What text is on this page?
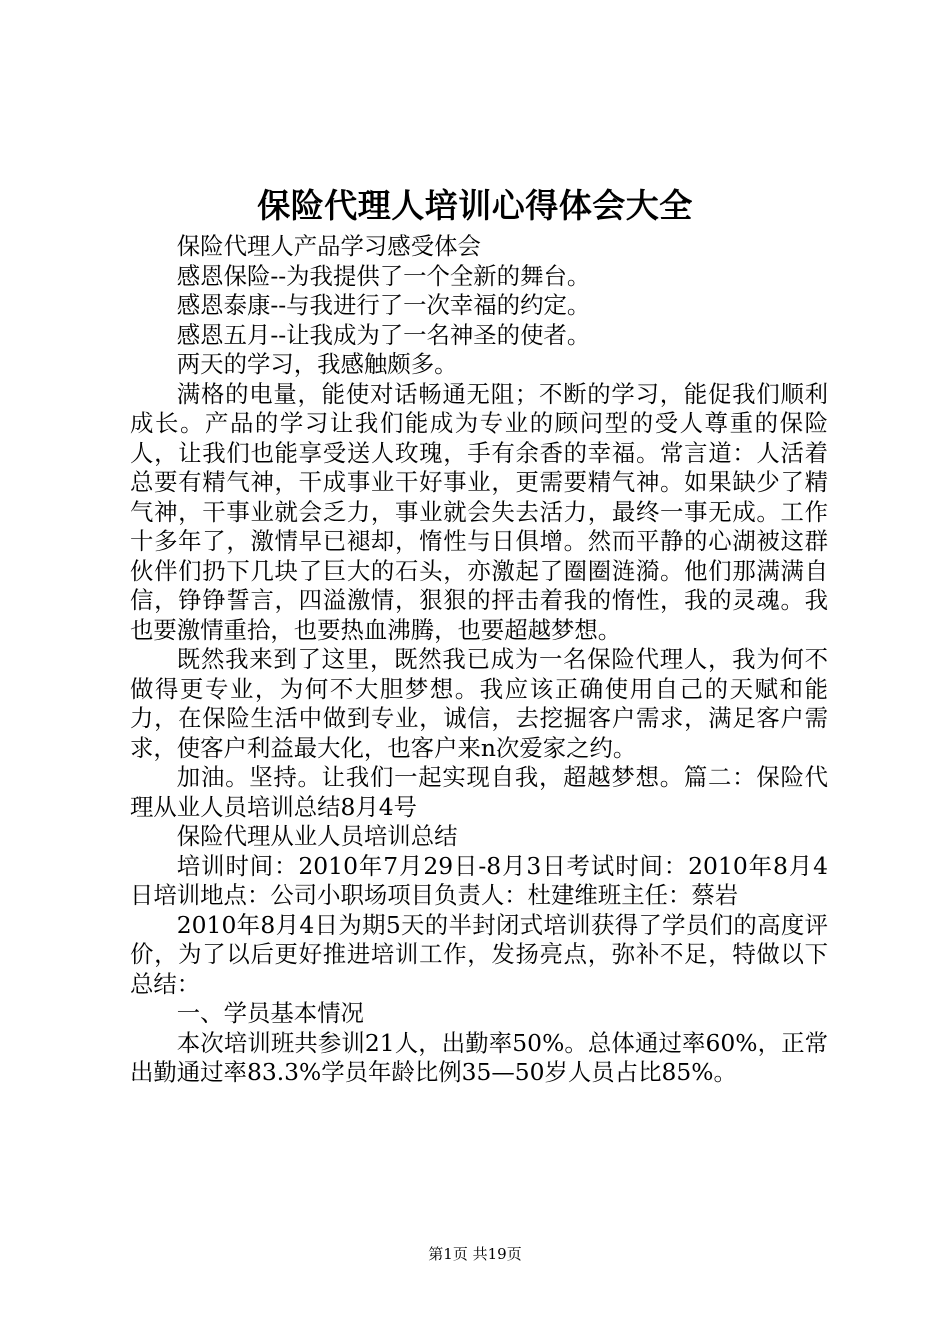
保险代理人培训心得体会大全

保险代理人产品学习感受体会

感恩保险--为我提供了一个全新的舞台。

感恩泰康--与我进行了一次幸福的约定。

感恩五月--让我成为了一名神圣的使者。

两天的学习，我感触颇多。

满格的电量，能使对话畅通无阻；不断的学习，能促我们顺利成长。产品的学习让我们能成为专业的顾问型的受人尊重的保险人，让我们也能享受送人玫瑰，手有余香的幸福。常言道：人活着总要有精气神，干成事业干好事业，更需要精气神。如果缺少了精气神，干事业就会乏力，事业就会失去活力，最终一事无成。工作十多年了，激情早已褪却，惰性与日俱增。然而平静的心湖被这群伙伴们扔下几块了巨大的石头，亦激起了圈圈涟漪。他们那满满自信，铮铮誓言，四溢激情，狠狠的抨击着我的惰性，我的灵魂。我也要激情重拾，也要热血沸腾，也要超越梦想。

既然我来到了这里，既然我已成为一名保险代理人，我为何不做得更专业，为何不大胆梦想。我应该正确使用自己的天赋和能力，在保险生活中做到专业，诚信，去挖掘客户需求，满足客户需求，使客户利益最大化，也客户来n次爱家之约。

加油。坚持。让我们一起实现自我，超越梦想。篇二：保险代理从业人员培训总结8月4号

保险代理从业人员培训总结

培训时间：2010年7月29日-8月3日考试时间：2010年8月4日培训地点：公司小职场项目负责人：杜建维班主任：蔡岩

2010年8月4日为期5天的半封闭式培训获得了学员们的高度评价，为了以后更好推进培训工作，发扬亮点，弥补不足，特做以下总结：

一、学员基本情况

本次培训班共参训21人，出勤率50%。总体通过率60%，正常出勤通过率83.3%学员年龄比例35—50岁人员占比85%。

第1页 共19页
